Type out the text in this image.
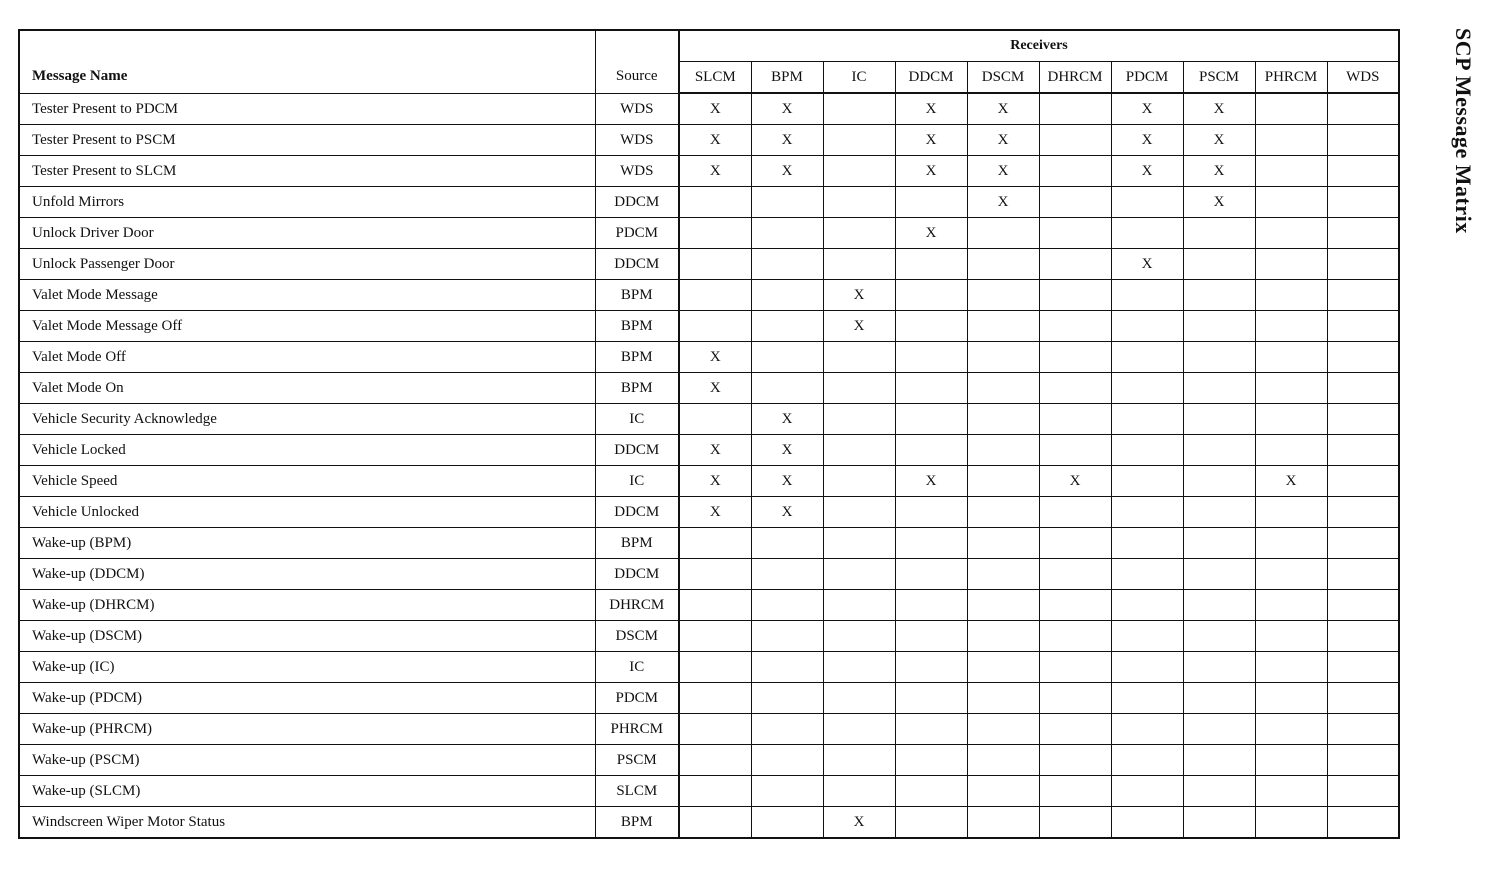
Message Name	Source	Receivers									
		SLCM	BPM	IC	DDCM	DSCM	DHRCM	PDCM	PSCM	PHRCM	WDS
Tester Present to PDCM	WDS	X	X		X	X		X	X		
Tester Present to PSCM	WDS	X	X		X	X		X	X		
Tester Present to SLCM	WDS	X	X		X	X		X	X		
Unfold Mirrors	DDCM					X			X		
Unlock Driver Door	PDCM				X						
Unlock Passenger Door	DDCM							X			
Valet Mode Message	BPM			X							
Valet Mode Message Off	BPM			X							
Valet Mode Off	BPM	X									
Valet Mode On	BPM	X									
Vehicle Security Acknowledge	IC		X								
Vehicle Locked	DDCM	X	X								
Vehicle Speed	IC	X	X		X		X			X	
Vehicle Unlocked	DDCM	X	X								
Wake-up (BPM)	BPM										
Wake-up (DDCM)	DDCM										
Wake-up (DHRCM)	DHRCM										
Wake-up (DSCM)	DSCM										
Wake-up (IC)	IC										
Wake-up (PDCM)	PDCM										
Wake-up (PHRCM)	PHRCM										
Wake-up (PSCM)	PSCM										
Wake-up (SLCM)	SLCM										
Windscreen Wiper Motor Status	BPM			X							
SCP Message Matrix
